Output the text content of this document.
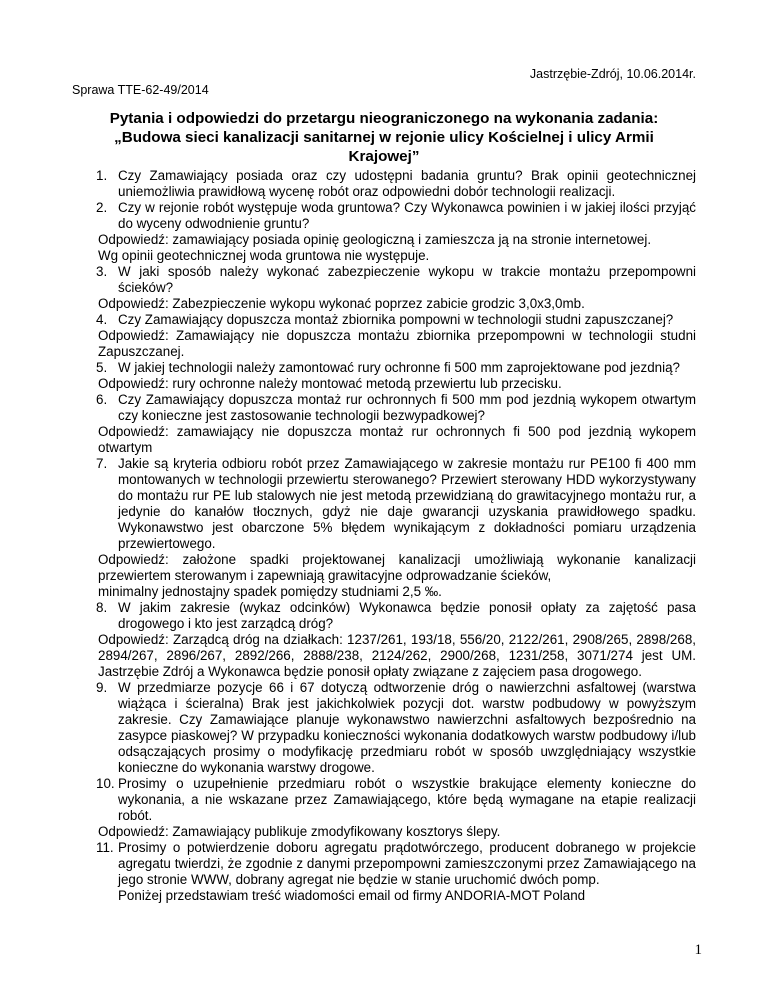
Jastrzębie-Zdrój, 10.06.2014r.
Sprawa TTE-62-49/2014
Pytania i odpowiedzi do przetargu nieograniczonego na wykonania zadania: „Budowa sieci kanalizacji sanitarnej w rejonie ulicy Kościelnej i ulicy Armii Krajowej”

1. Czy Zamawiający posiada oraz czy udostępni badania gruntu? Brak opinii geotechnicznej uniemożliwia prawidłową wycenę robót oraz odpowiedni dobór technologii realizacji.

2. Czy w rejonie robót występuje woda gruntowa? Czy Wykonawca powinien i w jakiej ilości przyjąć do wyceny odwodnienie gruntu?

Odpowiedź: zamawiający posiada opinię geologiczną i zamieszcza ją na stronie internetowej.

Wg opinii geotechnicznej woda gruntowa nie występuje.

3. W jaki sposób należy wykonać zabezpieczenie wykopu w trakcie montażu przepompowni ścieków?

Odpowiedź: Zabezpieczenie wykopu wykonać poprzez zabicie grodzic 3,0x3,0mb.

4. Czy Zamawiający dopuszcza montaż zbiornika pompowni w technologii studni zapuszczanej?

Odpowiedź: Zamawiający nie dopuszcza montażu zbiornika przepompowni w technologii studni Zapuszczanej.

5. W jakiej technologii należy zamontować rury ochronne fi 500 mm zaprojektowane pod jezdnią?

Odpowiedź: rury ochronne należy montować metodą przewiertu lub przecisku.

6. Czy Zamawiający dopuszcza montaż rur ochronnych fi 500 mm pod jezdnią wykopem otwartym czy konieczne jest zastosowanie technologii bezwypadkowej?

Odpowiedź: zamawiający nie dopuszcza montaż rur ochronnych fi 500 pod jezdnią wykopem otwartym

7. Jakie są kryteria odbioru robót przez Zamawiającego w zakresie montażu rur PE100 fi 400 mm montowanych w technologii przewiertu sterowanego? Przewiert sterowany HDD wykorzystywany do montażu rur PE lub stalowych nie jest metodą przewidzianą do grawitacyjnego montażu rur, a jedynie do kanałów tłocznych, gdyż nie daje gwarancji uzyskania prawidłowego spadku. Wykonawstwo jest obarczone 5% błędem wynikającym z dokładności pomiaru urządzenia przewiertowego.

Odpowiedź: założone spadki projektowanej kanalizacji umożliwiają wykonanie kanalizacji przewiertem sterowanym i zapewniają grawitacyjne odprowadzanie ścieków,

minimalny jednostajny spadek pomiędzy studniami 2,5 ‰.

8. W jakim zakresie (wykaz odcinków) Wykonawca będzie ponosił opłaty za zajętość pasa drogowego i kto jest zarządcą dróg?

Odpowiedź: Zarządcą dróg na działkach: 1237/261, 193/18, 556/20, 2122/261, 2908/265, 2898/268, 2894/267, 2896/267, 2892/266, 2888/238, 2124/262, 2900/268, 1231/258, 3071/274 jest UM. Jastrzębie Zdrój a Wykonawca będzie ponosił opłaty związane z zajęciem pasa drogowego.

9. W przedmiarze pozycje 66 i 67 dotyczą odtworzenie dróg o nawierzchni asfaltowej (warstwa wiążąca i ścieralna) Brak jest jakichkolwiek pozycji dot. warstw podbudowy w powyższym zakresie. Czy Zamawiające planuje wykonawstwo nawierzchni asfaltowych bezpośrednio na zasypce piaskowej? W przypadku konieczności wykonania dodatkowych warstw podbudowy i/lub odsączających prosimy o modyfikację przedmiaru robót w sposób uwzględniający wszystkie konieczne do wykonania warstwy drogowe.

10. Prosimy o uzupełnienie przedmiaru robót o wszystkie brakujące elementy konieczne do wykonania, a nie wskazane przez Zamawiającego, które będą wymagane na etapie realizacji robót.

Odpowiedź: Zamawiający publikuje zmodyfikowany kosztorys ślepy.

11. Prosimy o potwierdzenie doboru agregatu prądotwórczego, producent dobranego w projekcie agregatu twierdzi, że zgodnie z danymi przepompowni zamieszczonymi przez Zamawiającego na jego stronie WWW, dobrany agregat nie będzie w stanie uruchomić dwóch pomp.

Poniżej przedstawiam treść wiadomości email od firmy ANDORIA-MOT Poland

1
